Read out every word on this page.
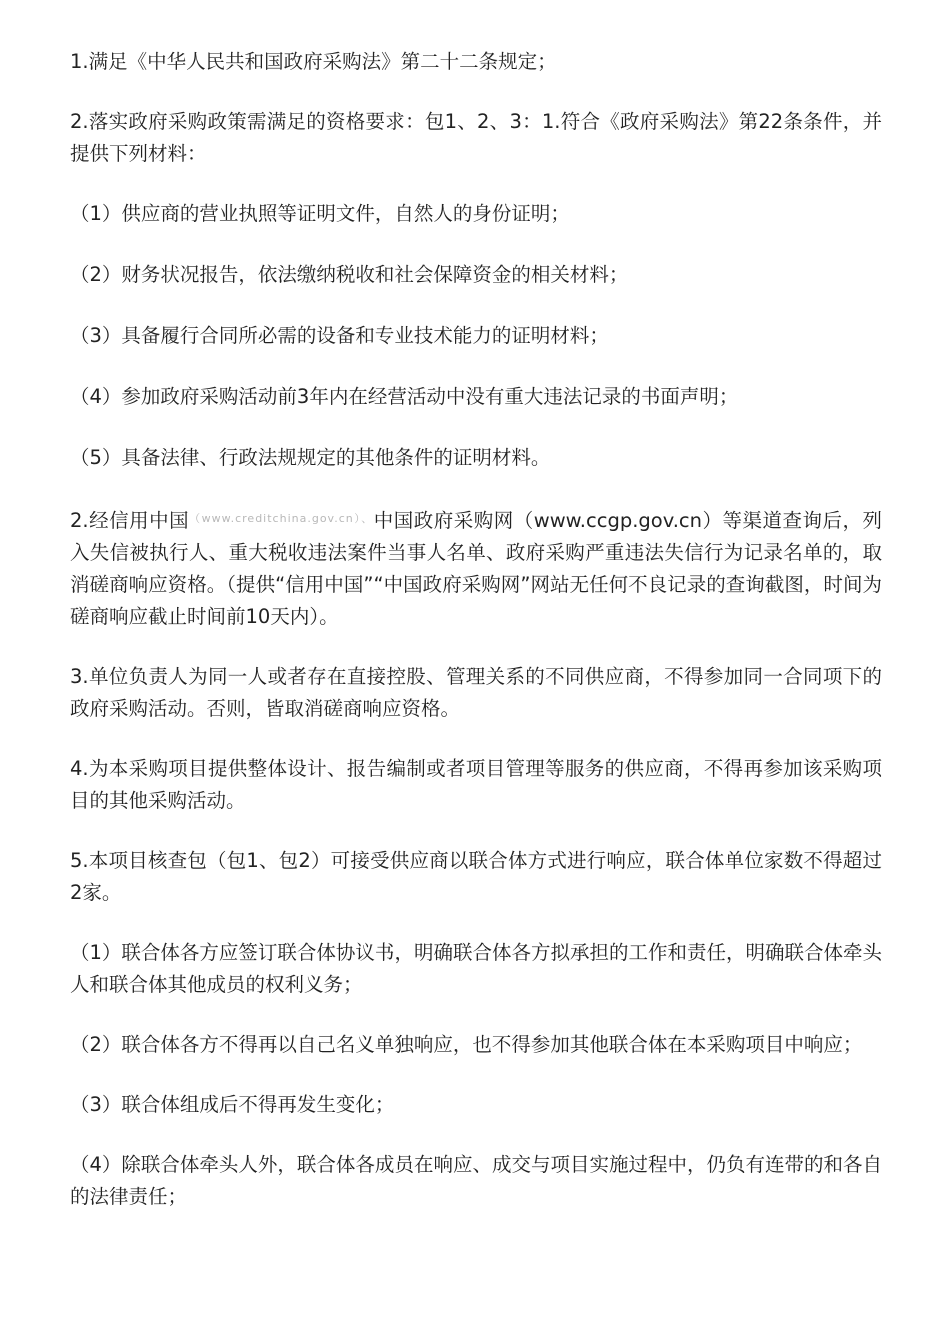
1.满足《中华人民共和国政府采购法》第二十二条规定；

2.落实政府采购政策需满足的资格要求：包1、2、3：1.符合《政府采购法》第22条条件，并提供下列材料：

（1）供应商的营业执照等证明文件，自然人的身份证明；

（2）财务状况报告，依法缴纳税收和社会保障资金的相关材料；

（3）具备履行合同所必需的设备和专业技术能力的证明材料；

（4）参加政府采购活动前3年内在经营活动中没有重大违法记录的书面声明；

（5）具备法律、行政法规规定的其他条件的证明材料。

2.经信用中国$^{(www.creditchina.gov.cn)、}$中国政府采购网（www.ccgp.gov.cn）等渠道查询后，列入失信被执行人、重大税收违法案件当事人名单、政府采购严重违法失信行为记录名单的，取消磋商响应资格。（提供“信用中国”“中国政府采购网”网站无任何不良记录的查询截图，时间为磋商响应截止时间前10天内）。

3.单位负责人为同一人或者存在直接控股、管理关系的不同供应商，不得参加同一合同项下的政府采购活动。否则，皆取消磋商响应资格。

4.为本采购项目提供整体设计、报告编制或者项目管理等服务的供应商，不得再参加该采购项目的其他采购活动。

5.本项目核查包（包1、包2）可接受供应商以联合体方式进行响应，联合体单位家数不得超过2家。

（1）联合体各方应签订联合体协议书，明确联合体各方拟承担的工作和责任，明确联合体牵头人和联合体其他成员的权利义务；

（2）联合体各方不得再以自己名义单独响应，也不得参加其他联合体在本采购项目中响应；

（3）联合体组成后不得再发生变化；

（4）除联合体牵头人外，联合体各成员在响应、成交与项目实施过程中，仍负有连带的和各自的法律责任；
